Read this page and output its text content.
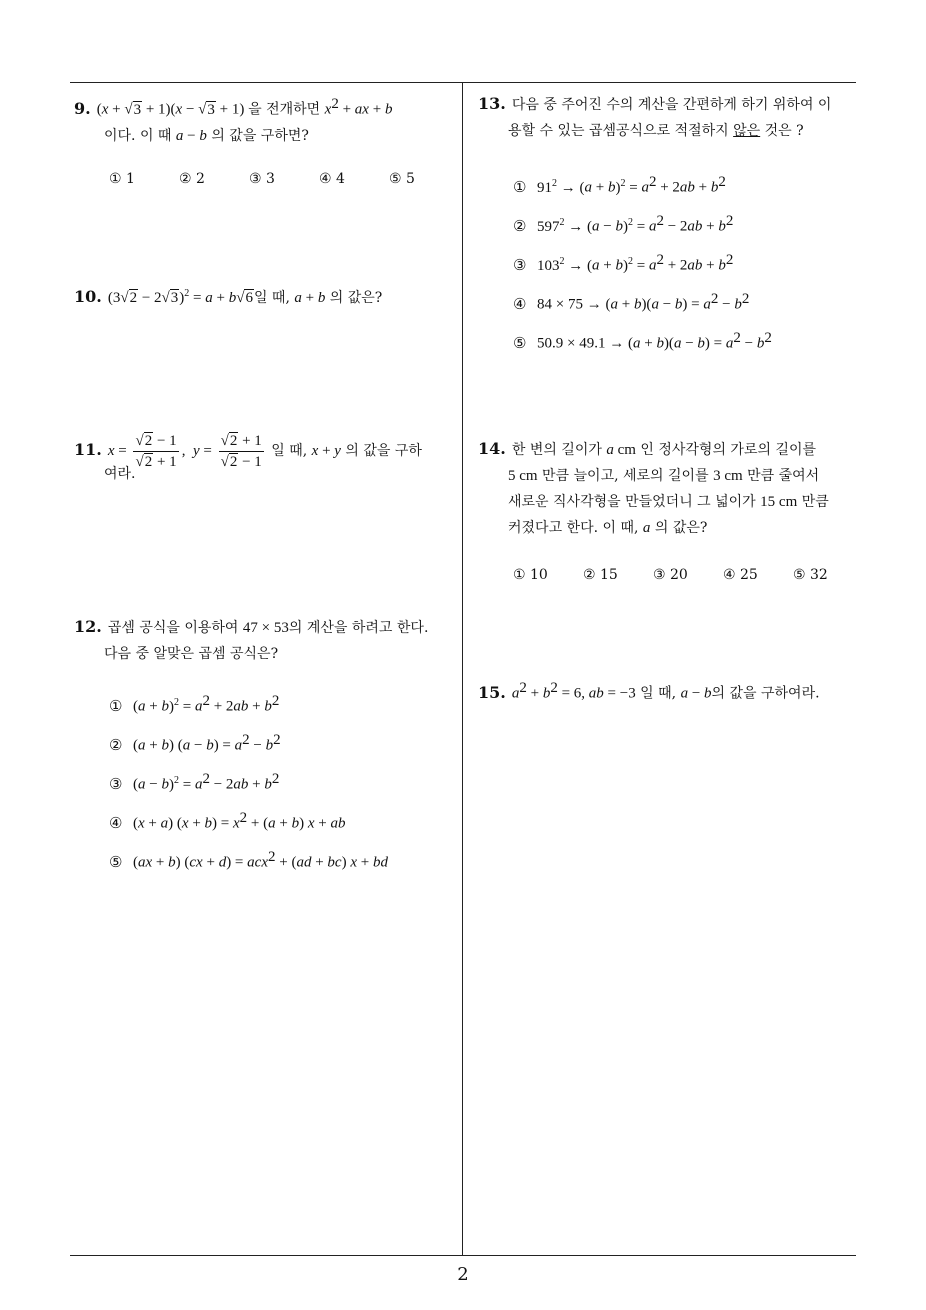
9. (x + √3 + 1)(x − √3 + 1) 을 전개하면 $x^2$ + ax + b
이다. 이 때 a − b 의 값을 구하면?
① 1	② 2	③ 3	④ 4	⑤ 5
10. $(3√2 - 2√3)^2 = a + b√6$일 때, a + b 의 값은?
11. $x = \frac{√2 - 1}{√2 + 1}$ ,  $y = \frac{√2 + 1}{√2 - 1}$ 일 때, x + y 의 값을 구하
여라.
12. 곱셈 공식을 이용하여 47 × 53의 계산을 하려고 한다.
다음 중 알맞은 곱셈 공식은?
① $(a + b)^2 = a^2 + 2ab + b^2$
② (a + b) $(a - b) = a^2 - b^2$
③ $(a - b)^2 = a^2 - 2ab + b^2$
④ (x + a) $(x + b) = x^2 + (a + b) x$ + ab
⑤ (ax + b) (cx + d) = acx$^2$ + (ad + bc) x + bd
13. 다음 중 주어진 수의 계산을 간편하게 하기 위하여 이
용할 수 있는 곱셈공식으로 적절하지 않은 것은 ?
① $91^2 \to (a + b)^2 = a^2 + 2ab + b^2$
② $597^2 \to (a - b)^2 = a^2 - 2ab + b^2$
③ $103^2 \to (a + b)^2 = a^2 + 2ab + b^2$
④ $84 \times 75 \to (a + b)(a - b) = a^2 - b^2$
⑤ $50.9 \times 49.1 \to (a + b)(a - b) = a^2 - b^2$
14. 한 변의 길이가 a cm 인 정사각형의 가로의 길이를
5 cm 만큼 늘이고, 세로의 길이를 3 cm 만큼 줄여서
새로운 직사각형을 만들었더니 그 넓이가 15 cm 만큼
커졌다고 한다. 이 때, a 의 값은?
① 10	② 15	③ 20	④ 25	⑤ 32
15. $a^2 + b^2 = 6$, ab = −3 일 때, a − b의 값을 구하여라.
2
